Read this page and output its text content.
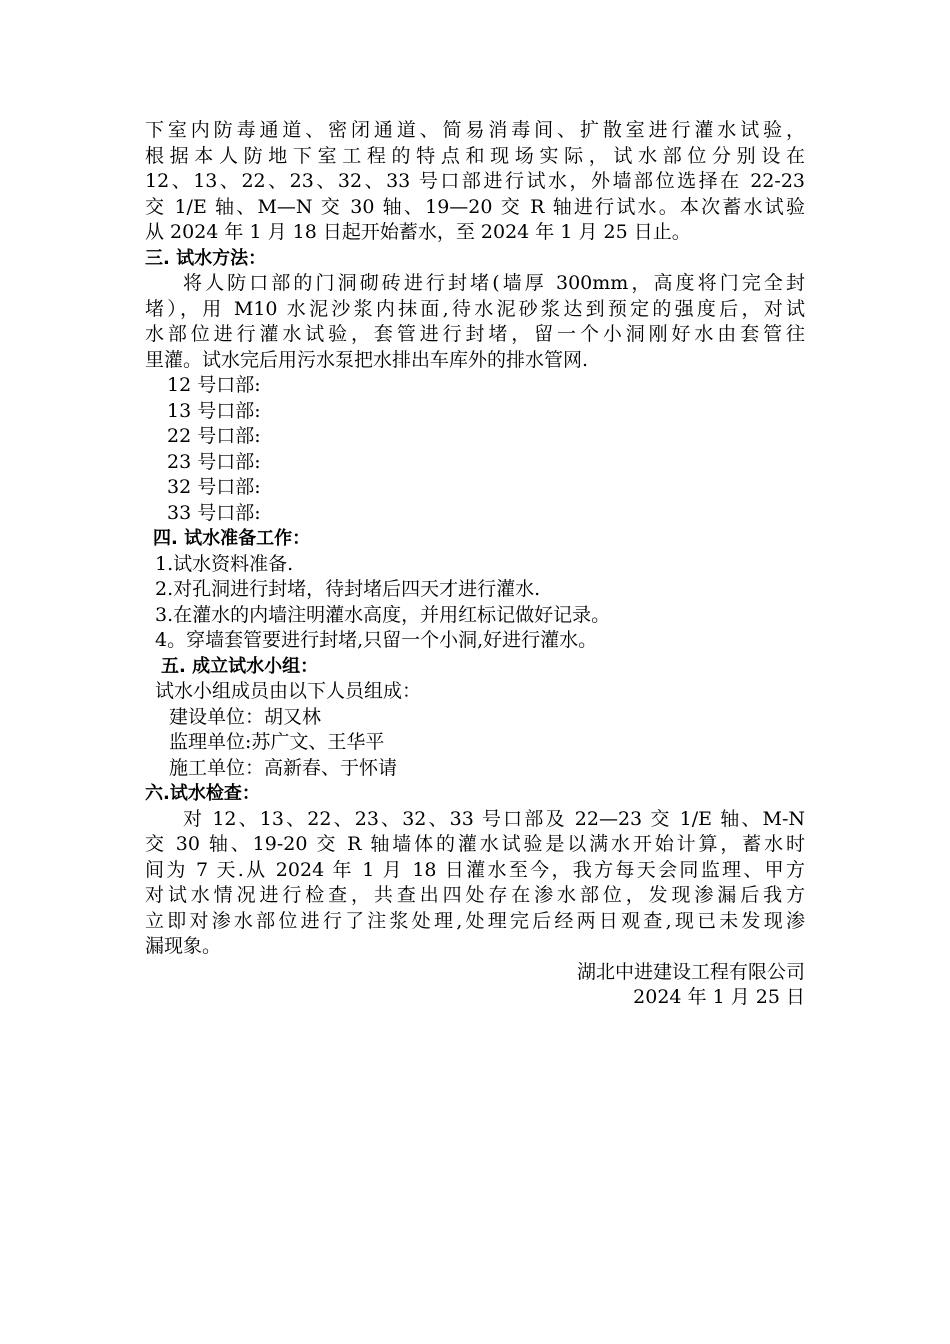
下室内防毒通道、密闭通道、简易消毒间、扩散室进行灌水试验，
根据本人防地下室工程的特点和现场实际，试水部位分别设在
12、13、22、23、32、33 号口部进行试水，外墙部位选择在 22-23
交 1/E 轴、M—N 交 30 轴、19—20 交 R 轴进行试水。本次蓄水试验
从 2024 年 1 月 18 日起开始蓄水，至 2024 年 1 月 25 日止。
三. 试水方法：
将人防口部的门洞砌砖进行封堵(墙厚 300mm，高度将门完全封
堵），用 M10 水泥沙浆内抹面,待水泥砂浆达到预定的强度后，对试
水部位进行灌水试验，套管进行封堵，留一个小洞刚好水由套管往
里灌。试水完后用污水泵把水排出车库外的排水管网.
12 号口部:
13 号口部:
22 号口部:
23 号口部:
32 号口部:
33 号口部:
四. 试水准备工作：
1.试水资料准备.
2.对孔洞进行封堵，待封堵后四天才进行灌水.
3.在灌水的内墙注明灌水高度，并用红标记做好记录。
4。穿墙套管要进行封堵,只留一个小洞,好进行灌水。
五. 成立试水小组：
试水小组成员由以下人员组成：
建设单位：胡又林
监理单位:苏广文、王华平
施工单位：高新春、于怀请
六.试水检查：
对 12、13、22、23、32、33 号口部及 22—23 交 1/E 轴、M-N
交 30 轴、19-20 交 R 轴墙体的灌水试验是以满水开始计算，蓄水时
间为 7 天.从 2024 年 1 月 18 日灌水至今，我方每天会同监理、甲方
对试水情况进行检查，共查出四处存在渗水部位，发现渗漏后我方
立即对渗水部位进行了注浆处理,处理完后经两日观查,现已未发现渗
漏现象。
湖北中进建设工程有限公司
2024 年 1 月 25 日
